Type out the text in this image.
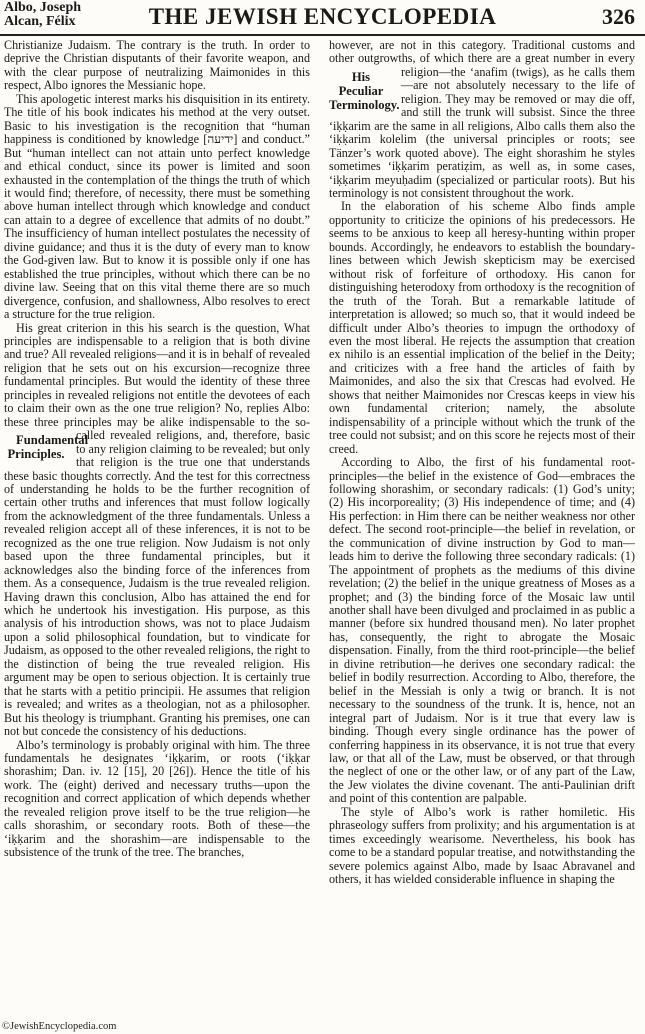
Albo, Joseph
Alcan, Félix	THE JEWISH ENCYCLOPEDIA	326

Christianize Judaism. The contrary is the truth. In order to deprive the Christian disputants of their favorite weapon, and with the clear purpose of neutralizing Maimonides in this respect, Albo ignores the Messianic hope.

This apologetic interest marks his disquisition in its entirety. The title of his book indicates his method at the very outset. Basic to his investigation is the recognition that “human happiness is conditioned by knowledge [ידיעה] and conduct.” But “human intellect can not attain unto perfect knowledge and ethical conduct, since its power is limited and soon exhausted in the contemplation of the things the truth of which it would find; therefore, of necessity, there must be something above human intellect through which knowledge and conduct can attain to a degree of excellence that admits of no doubt.” The insufficiency of human intellect postulates the necessity of divine guidance; and thus it is the duty of every man to know the God-given law. But to know it is possible only if one has established the true principles, without which there can be no divine law. Seeing that on this vital theme there are so much divergence, confusion, and shallowness, Albo resolves to erect a structure for the true religion.

His great criterion in this his search is the question, What principles are indispensable to a religion that is both divine and true? All revealed religions—and it is in behalf of revealed religion that he sets out on his excursion—recognize three fundamental principles. But would the identity of these three principles in revealed religions not entitle the devotees of each to claim their own as the one true religion? No, replies Albo: these three principles may be alike indispensable to the so-called revealed religions,
Fundamental Principles.
and, therefore, basic to any religion claiming to be revealed; but only that religion is the true one that understands these basic thoughts correctly. And the test for this correctness of understanding he holds to be the further recognition of certain other truths and inferences that must follow logically from the acknowledgment of the three fundamentals. Unless a revealed religion accept all of these inferences, it is not to be recognized as the one true religion. Now Judaism is not only based upon the three fundamental principles, but it acknowledges also the binding force of the inferences from them. As a consequence, Judaism is the true revealed religion. Having drawn this conclusion, Albo has attained the end for which he undertook his investigation. His purpose, as this analysis of his introduction shows, was not to place Judaism upon a solid philosophical foundation, but to vindicate for Judaism, as opposed to the other revealed religions, the right to the distinction of being the true revealed religion. His argument may be open to serious objection. It is certainly true that he starts with a petitio principii. He assumes that religion is revealed; and writes as a theologian, not as a philosopher. But his theology is triumphant. Granting his premises, one can not but concede the consistency of his deductions.

Albo’s terminology is probably original with him. The three fundamentals he designates ‘iḳḳarim, or roots (‘iḳḳar shorashim; Dan. iv. 12 [15], 20 [26]). Hence the title of his work. The (eight) derived and necessary truths—upon the recognition and correct application of which depends whether the revealed religion prove itself to be the true religion—he calls shorashim, or secondary roots. Both of these—the ‘iḳḳarim and the shorashim—are indispensable to the subsistence of the trunk of the tree. The branches,

however, are not in this category. Traditional customs and other outgrowths, of which there are a great number in every religion—the ‘anafim (twigs),
His Peculiar Terminology.
as he calls them—are not absolutely necessary to the life of religion. They may be removed or may die off, and still the trunk will subsist. Since the three ‘iḳḳarim are the same in all religions, Albo calls them also the ‘iḳḳarim kolelim (the universal principles or roots; see Tänzer’s work quoted above). The eight shorashim he styles sometimes ‘iḳḳarim peratiẓim, as well as, in some cases, ‘iḳḳarim meyuḥadim (specialized or particular roots). But his terminology is not consistent throughout the work.

In the elaboration of his scheme Albo finds ample opportunity to criticize the opinions of his predecessors. He seems to be anxious to keep all heresy-hunting within proper bounds. Accordingly, he endeavors to establish the boundary-lines between which Jewish skepticism may be exercised without risk of forfeiture of orthodoxy. His canon for distinguishing heterodoxy from orthodoxy is the recognition of the truth of the Torah. But a remarkable latitude of interpretation is allowed; so much so, that it would indeed be difficult under Albo’s theories to impugn the orthodoxy of even the most liberal. He rejects the assumption that creation ex nihilo is an essential implication of the belief in the Deity; and criticizes with a free hand the articles of faith by Maimonides, and also the six that Crescas had evolved. He shows that neither Maimonides nor Crescas keeps in view his own fundamental criterion; namely, the absolute indispensability of a principle without which the trunk of the tree could not subsist; and on this score he rejects most of their creed.

According to Albo, the first of his fundamental root-principles—the belief in the existence of God—embraces the following shorashim, or secondary radicals: (1) God’s unity; (2) His incorporeality; (3) His independence of time; and (4) His perfection: in Him there can be neither weakness nor other defect. The second root-principle—the belief in revelation, or the communication of divine instruction by God to man—leads him to derive the following three secondary radicals: (1) The appointment of prophets as the mediums of this divine revelation; (2) the belief in the unique greatness of Moses as a prophet; and (3) the binding force of the Mosaic law until another shall have been divulged and proclaimed in as public a manner (before six hundred thousand men). No later prophet has, consequently, the right to abrogate the Mosaic dispensation. Finally, from the third root-principle—the belief in divine retribution—he derives one secondary radical: the belief in bodily resurrection. According to Albo, therefore, the belief in the Messiah is only a twig or branch. It is not necessary to the soundness of the trunk. It is, hence, not an integral part of Judaism. Nor is it true that every law is binding. Though every single ordinance has the power of conferring happiness in its observance, it is not true that every law, or that all of the Law, must be observed, or that through the neglect of one or the other law, or of any part of the Law, the Jew violates the divine covenant. The anti-Paulinian drift and point of this contention are palpable.

The style of Albo’s work is rather homiletic. His phraseology suffers from prolixity; and his argumentation is at times exceedingly wearisome. Nevertheless, his book has come to be a standard popular treatise, and notwithstanding the severe polemics against Albo, made by Isaac Abravanel and others, it has wielded considerable influence in shaping the

©JewishEncyclopedia.com
